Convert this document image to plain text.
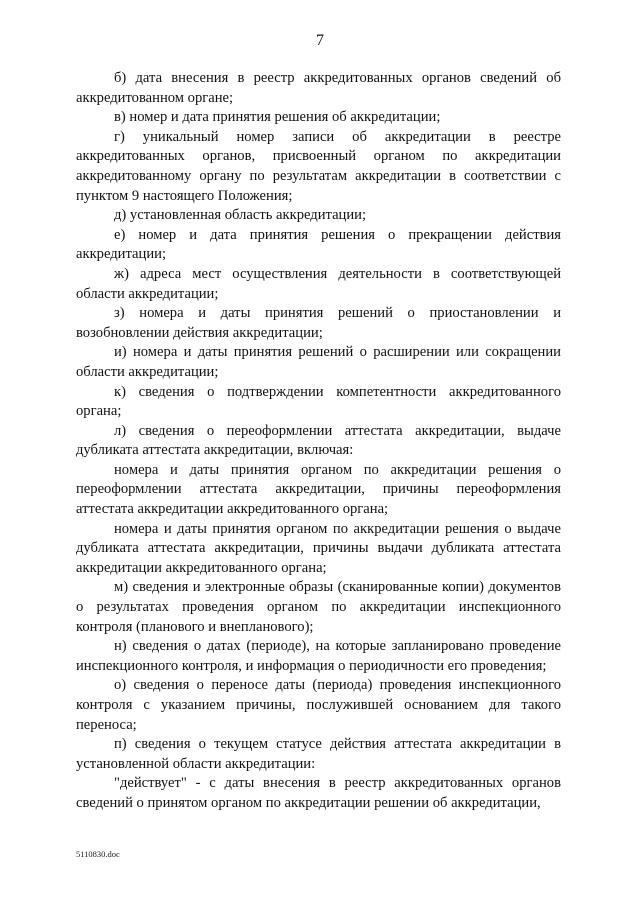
7

б) дата внесения в реестр аккредитованных органов сведений об аккредитованном органе;

в) номер и дата принятия решения об аккредитации;

г) уникальный номер записи об аккредитации в реестре аккредитованных органов, присвоенный органом по аккредитации аккредитованному органу по результатам аккредитации в соответствии с пунктом 9 настоящего Положения;

д) установленная область аккредитации;

е) номер и дата принятия решения о прекращении действия аккредитации;

ж) адреса мест осуществления деятельности в соответствующей области аккредитации;

з) номера и даты принятия решений о приостановлении и возобновлении действия аккредитации;

и) номера и даты принятия решений о расширении или сокращении области аккредитации;

к) сведения о подтверждении компетентности аккредитованного органа;

л) сведения о переоформлении аттестата аккредитации, выдаче дубликата аттестата аккредитации, включая:

номера и даты принятия органом по аккредитации решения о переоформлении аттестата аккредитации, причины переоформления аттестата аккредитации аккредитованного органа;

номера и даты принятия органом по аккредитации решения о выдаче дубликата аттестата аккредитации, причины выдачи дубликата аттестата аккредитации аккредитованного органа;

м) сведения и электронные образы (сканированные копии) документов о результатах проведения органом по аккредитации инспекционного контроля (планового и внепланового);

н) сведения о датах (периоде), на которые запланировано проведение инспекционного контроля, и информация о периодичности его проведения;

о) сведения о переносе даты (периода) проведения инспекционного контроля с указанием причины, послужившей основанием для такого переноса;

п) сведения о текущем статусе действия аттестата аккредитации в установленной области аккредитации:

"действует" - с даты внесения в реестр аккредитованных органов сведений о принятом органом по аккредитации решении об аккредитации,

5110830.doc
